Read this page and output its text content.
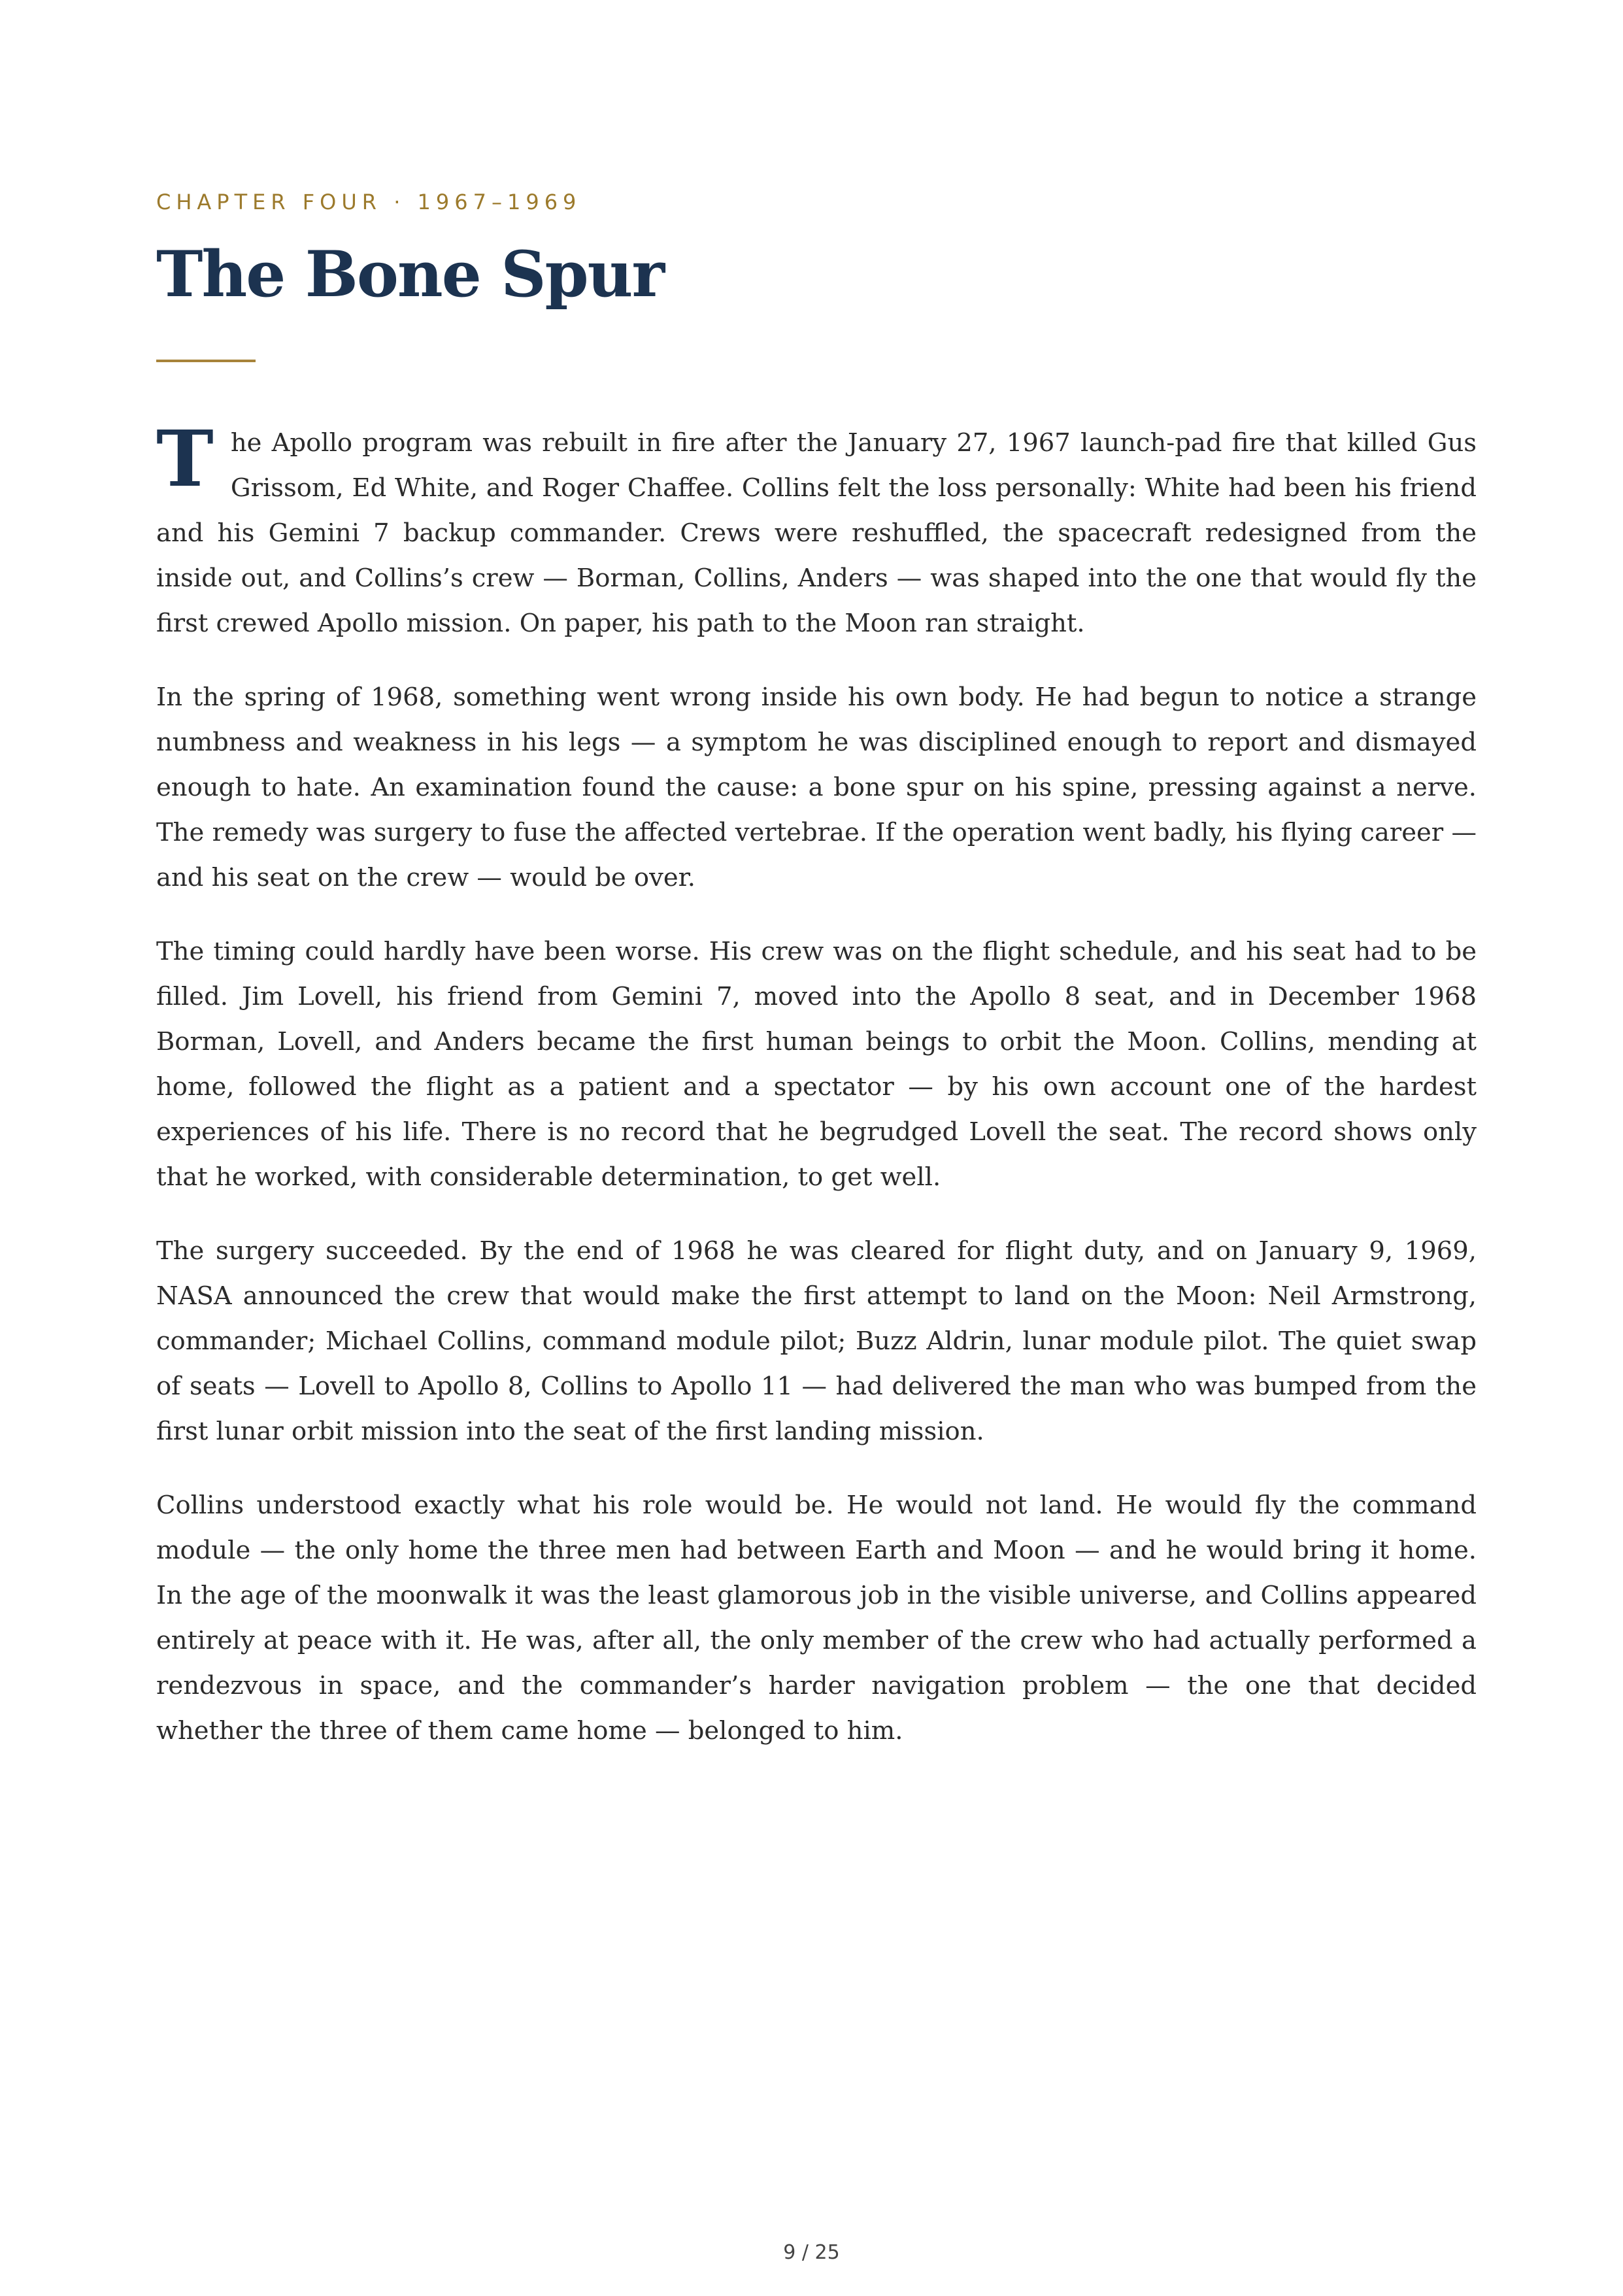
CHAPTER FOUR · 1967–1969

The Bone Spur

The Apollo program was rebuilt in fire after the January 27, 1967 launch-pad fire that killed Gus Grissom, Ed White, and Roger Chaffee. Collins felt the loss personally: White had been his friend and his Gemini 7 backup commander. Crews were reshuffled, the spacecraft redesigned from the inside out, and Collins’s crew — Borman, Collins, Anders — was shaped into the one that would fly the first crewed Apollo mission. On paper, his path to the Moon ran straight.

In the spring of 1968, something went wrong inside his own body. He had begun to notice a strange numbness and weakness in his legs — a symptom he was disciplined enough to report and dismayed enough to hate. An examination found the cause: a bone spur on his spine, pressing against a nerve. The remedy was surgery to fuse the affected vertebrae. If the operation went badly, his flying career — and his seat on the crew — would be over.

The timing could hardly have been worse. His crew was on the flight schedule, and his seat had to be filled. Jim Lovell, his friend from Gemini 7, moved into the Apollo 8 seat, and in December 1968 Borman, Lovell, and Anders became the first human beings to orbit the Moon. Collins, mending at home, followed the flight as a patient and a spectator — by his own account one of the hardest experiences of his life. There is no record that he begrudged Lovell the seat. The record shows only that he worked, with considerable determination, to get well.

The surgery succeeded. By the end of 1968 he was cleared for flight duty, and on January 9, 1969, NASA announced the crew that would make the first attempt to land on the Moon: Neil Armstrong, commander; Michael Collins, command module pilot; Buzz Aldrin, lunar module pilot. The quiet swap of seats — Lovell to Apollo 8, Collins to Apollo 11 — had delivered the man who was bumped from the first lunar orbit mission into the seat of the first landing mission.

Collins understood exactly what his role would be. He would not land. He would fly the command module — the only home the three men had between Earth and Moon — and he would bring it home. In the age of the moonwalk it was the least glamorous job in the visible universe, and Collins appeared entirely at peace with it. He was, after all, the only member of the crew who had actually performed a rendezvous in space, and the commander’s harder navigation problem — the one that decided whether the three of them came home — belonged to him.

9 / 25
